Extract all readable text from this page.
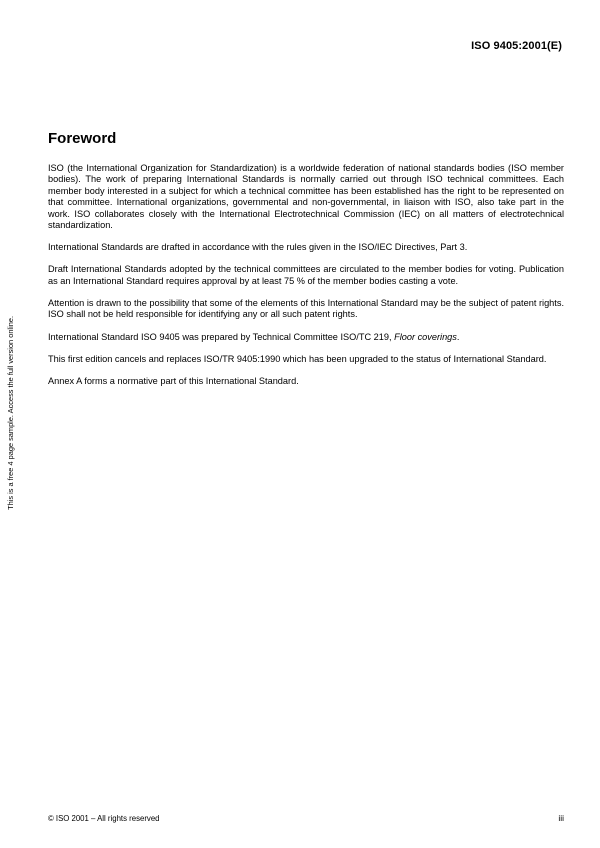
ISO 9405:2001(E)
Foreword

ISO (the International Organization for Standardization) is a worldwide federation of national standards bodies (ISO member bodies). The work of preparing International Standards is normally carried out through ISO technical committees. Each member body interested in a subject for which a technical committee has been established has the right to be represented on that committee. International organizations, governmental and non-governmental, in liaison with ISO, also take part in the work. ISO collaborates closely with the International Electrotechnical Commission (IEC) on all matters of electrotechnical standardization.

International Standards are drafted in accordance with the rules given in the ISO/IEC Directives, Part 3.

Draft International Standards adopted by the technical committees are circulated to the member bodies for voting. Publication as an International Standard requires approval by at least 75 % of the member bodies casting a vote.

Attention is drawn to the possibility that some of the elements of this International Standard may be the subject of patent rights. ISO shall not be held responsible for identifying any or all such patent rights.

International Standard ISO 9405 was prepared by Technical Committee ISO/TC 219, Floor coverings.

This first edition cancels and replaces ISO/TR 9405:1990 which has been upgraded to the status of International Standard.

Annex A forms a normative part of this International Standard.

This is a free 4 page sample. Access the full version online.
© ISO 2001 – All rights reserved	iii
